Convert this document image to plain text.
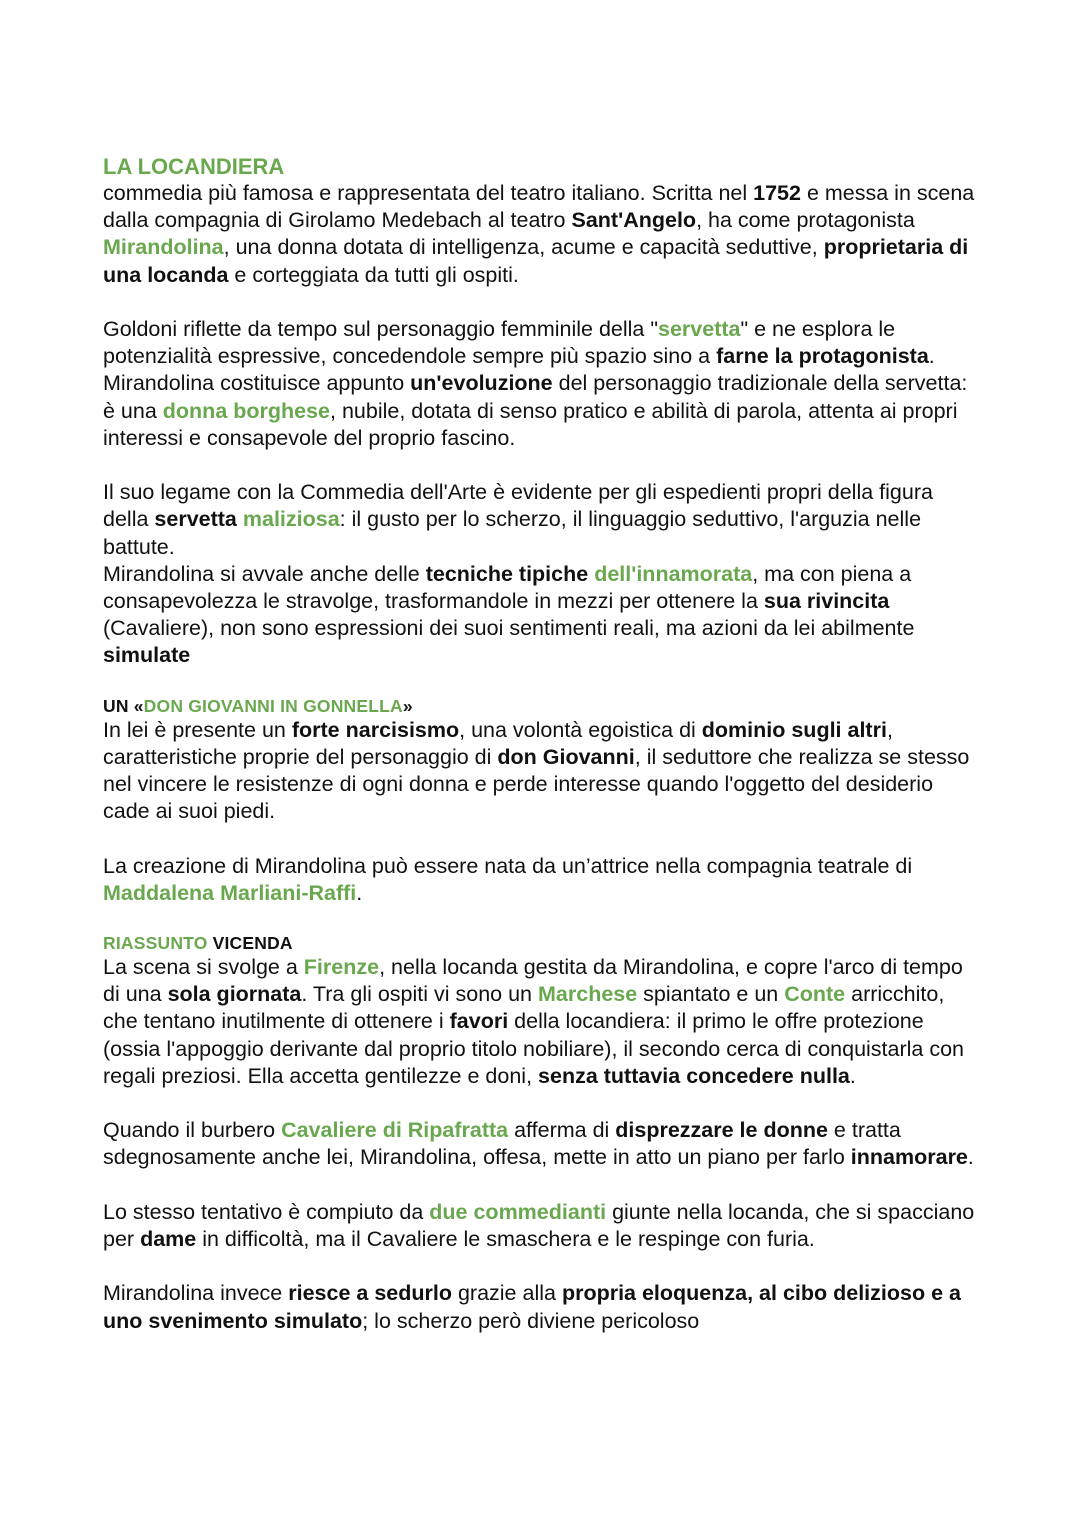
LA LOCANDIERA

commedia più famosa e rappresentata del teatro italiano. Scritta nel 1752 e messa in scena dalla compagnia di Girolamo Medebach al teatro Sant'Angelo, ha come protagonista Mirandolina, una donna dotata di intelligenza, acume e capacità seduttive, proprietaria di una locanda e corteggiata da tutti gli ospiti.

Goldoni riflette da tempo sul personaggio femminile della "servetta" e ne esplora le potenzialità espressive, concedendole sempre più spazio sino a farne la protagonista. Mirandolina costituisce appunto un'evoluzione del personaggio tradizionale della servetta: è una donna borghese, nubile, dotata di senso pratico e abilità di parola, attenta ai propri interessi e consapevole del proprio fascino.

Il suo legame con la Commedia dell'Arte è evidente per gli espedienti propri della figura della servetta maliziosa: il gusto per lo scherzo, il linguaggio seduttivo, l'arguzia nelle battute.

Mirandolina si avvale anche delle tecniche tipiche dell'innamorata, ma con piena a consapevolezza le stravolge, trasformandole in mezzi per ottenere la sua rivincita (Cavaliere), non sono espressioni dei suoi sentimenti reali, ma azioni da lei abilmente simulate

UN «DON GIOVANNI IN GONNELLA»

In lei è presente un forte narcisismo, una volontà egoistica di dominio sugli altri, caratteristiche proprie del personaggio di don Giovanni, il seduttore che realizza se stesso nel vincere le resistenze di ogni donna e perde interesse quando l'oggetto del desiderio cade ai suoi piedi.

La creazione di Mirandolina può essere nata da un’attrice nella compagnia teatrale di Maddalena Marliani-Raffi.

RIASSUNTO VICENDA

La scena si svolge a Firenze, nella locanda gestita da Mirandolina, e copre l'arco di tempo di una sola giornata. Tra gli ospiti vi sono un Marchese spiantato e un Conte arricchito, che tentano inutilmente di ottenere i favori della locandiera: il primo le offre protezione (ossia l'appoggio derivante dal proprio titolo nobiliare), il secondo cerca di conquistarla con regali preziosi. Ella accetta gentilezze e doni, senza tuttavia concedere nulla.

Quando il burbero Cavaliere di Ripafratta afferma di disprezzare le donne e tratta sdegnosamente anche lei, Mirandolina, offesa, mette in atto un piano per farlo innamorare.

Lo stesso tentativo è compiuto da due commedianti giunte nella locanda, che si spacciano per dame in difficoltà, ma il Cavaliere le smaschera e le respinge con furia.

Mirandolina invece riesce a sedurlo grazie alla propria eloquenza, al cibo delizioso e a uno svenimento simulato; lo scherzo però diviene pericoloso
